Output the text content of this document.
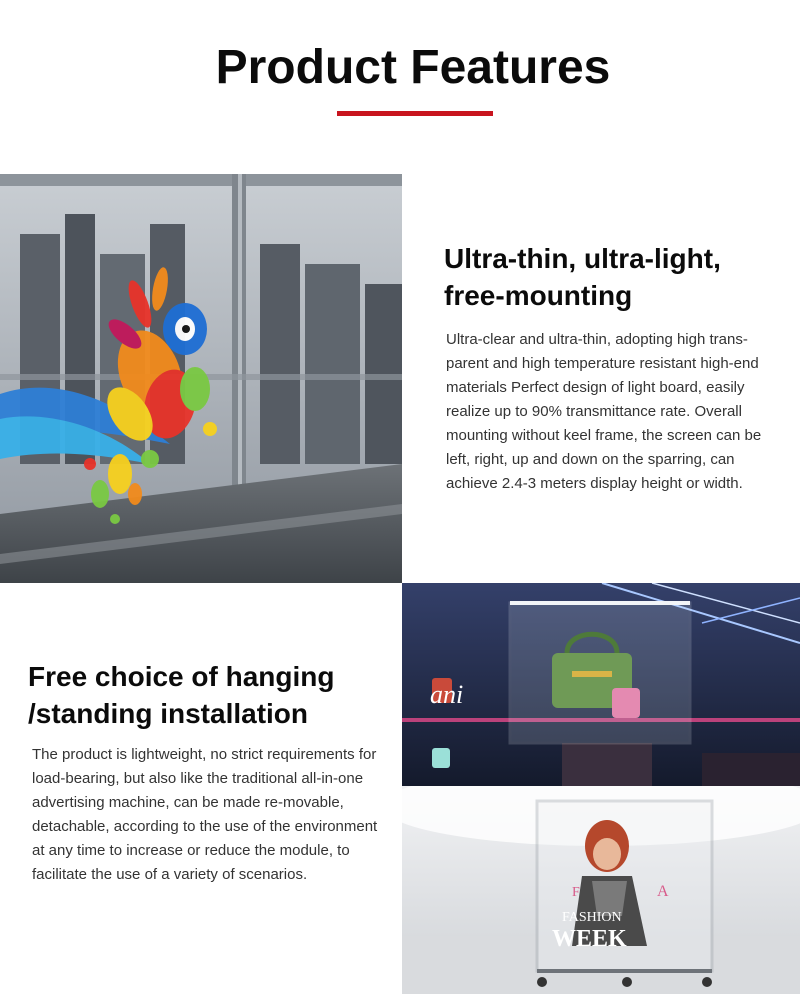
Product Features
Ultra-thin, ultra-light,
free-mounting

Ultra-clear and ultra-thin, adopting high trans-parent and high temperature resistant high-end materials Perfect design of light board, easily realize up to 90% transmittance rate. Overall mounting without keel frame, the screen can be left, right, up and down on the sparring, can achieve 2.4-3 meters display height or width.

Free choice of hanging
/standing installation

The product is lightweight, no strict requirements for load-bearing, but also like the traditional all-in-one advertising machine, can be made re-movable, detachable, according to the use of the environment at any time to increase or reduce the module, to facilitate the use of a variety of scenarios.

ani
FASHION
WEEK
A
F
